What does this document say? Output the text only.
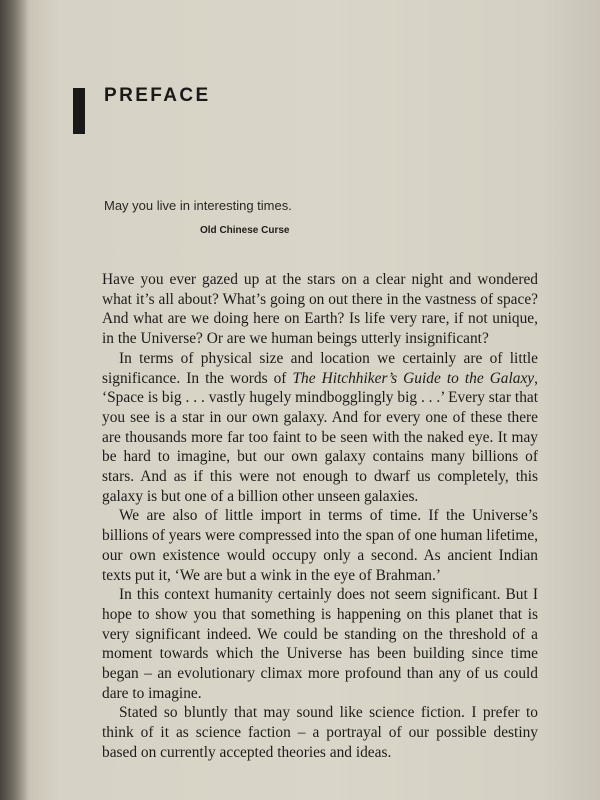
PREFACE

May you live in interesting times.

Old Chinese Curse

Have you ever gazed up at the stars on a clear night and wondered what it’s all about? What’s going on out there in the vastness of space? And what are we doing here on Earth? Is life very rare, if not unique, in the Universe? Or are we human beings utterly insignificant?

In terms of physical size and location we certainly are of little significance. In the words of The Hitchhiker’s Guide to the Galaxy, ‘Space is big . . . vastly hugely mindbogglingly big . . .’ Every star that you see is a star in our own galaxy. And for every one of these there are thousands more far too faint to be seen with the naked eye. It may be hard to imagine, but our own galaxy contains many billions of stars. And as if this were not enough to dwarf us completely, this galaxy is but one of a billion other unseen galaxies.

We are also of little import in terms of time. If the Universe’s billions of years were compressed into the span of one human lifetime, our own existence would occupy only a second. As ancient Indian texts put it, ‘We are but a wink in the eye of Brahman.’

In this context humanity certainly does not seem significant. But I hope to show you that something is happening on this planet that is very significant indeed. We could be standing on the threshold of a moment towards which the Universe has been building since time began – an evolutionary climax more profound than any of us could dare to imagine.

Stated so bluntly that may sound like science fiction. I prefer to think of it as science faction – a portrayal of our possible destiny based on currently accepted theories and ideas.
